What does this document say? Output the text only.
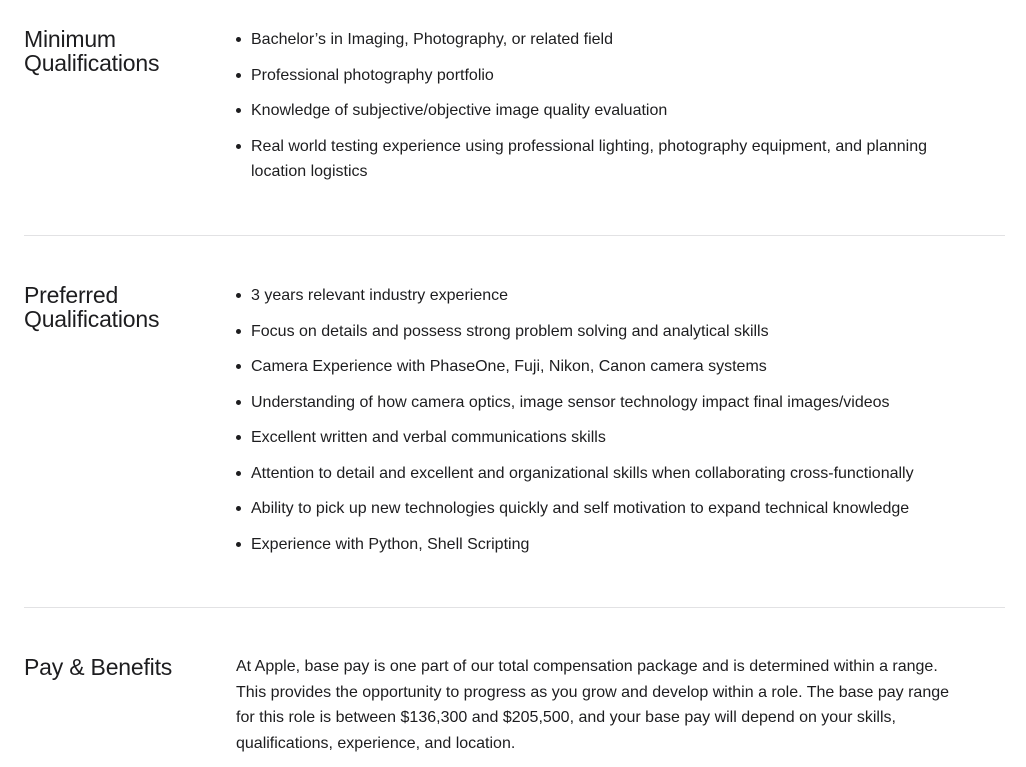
Minimum
Qualifications
Bachelor’s in Imaging, Photography, or related field
Professional photography portfolio
Knowledge of subjective/objective image quality evaluation
Real world testing experience using professional lighting, photography equipment, and planning location logistics
Preferred
Qualifications
3 years relevant industry experience
Focus on details and possess strong problem solving and analytical skills
Camera Experience with PhaseOne, Fuji, Nikon, Canon camera systems
Understanding of how camera optics, image sensor technology impact final images/videos
Excellent written and verbal communications skills
Attention to detail and excellent and organizational skills when collaborating cross-functionally
Ability to pick up new technologies quickly and self motivation to expand technical knowledge
Experience with Python, Shell Scripting
Pay & Benefits	At Apple, base pay is one part of our total compensation package and is determined within a range. This provides the opportunity to progress as you grow and develop within a role. The base pay range for this role is between $136,300 and $205,500, and your base pay will depend on your skills, qualifications, experience, and location.
